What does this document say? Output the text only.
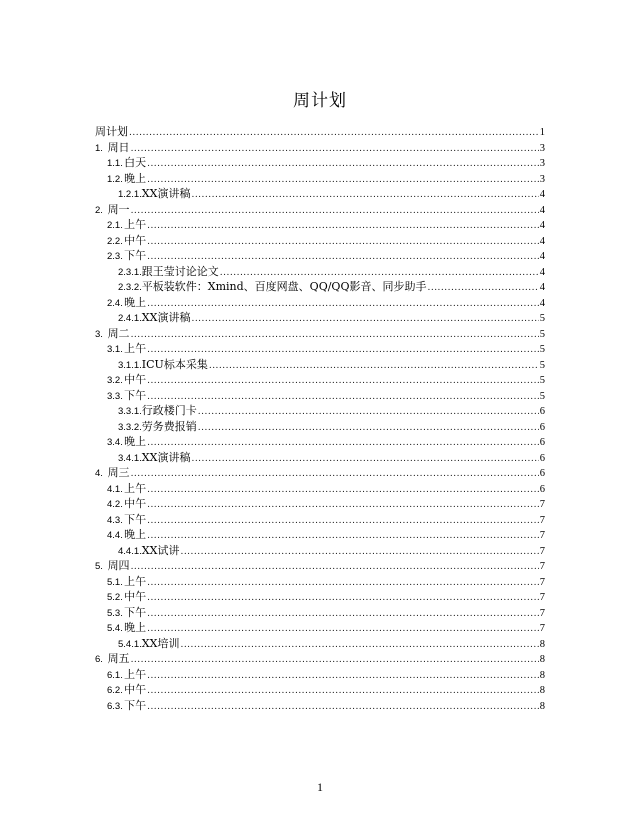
周计划
周计划 .....	1
1. 周日 .....	3
1.1. 白天 .....	3
1.2. 晚上 .....	3
1.2.1. XX演讲稿 .....	4
2. 周一 .....	4
2.1. 上午 .....	4
2.2. 中午 .....	4
2.3. 下午 .....	4
2.3.1. 跟王莹讨论论文 .....	4
2.3.2. 平板装软件：Xmind、百度网盘、QQ/QQ影音、同步助手 .....	4
2.4. 晚上 .....	4
2.4.1. XX演讲稿 .....	5
3. 周二 .....	5
3.1. 上午 .....	5
3.1.1. ICU标本采集 .....	5
3.2. 中午 .....	5
3.3. 下午 .....	5
3.3.1. 行政楼门卡 .....	6
3.3.2. 劳务费报销 .....	6
3.4. 晚上 .....	6
3.4.1. XX演讲稿 .....	6
4. 周三 .....	6
4.1. 上午 .....	6
4.2. 中午 .....	7
4.3. 下午 .....	7
4.4. 晚上 .....	7
4.4.1. XX试讲 .....	7
5. 周四 .....	7
5.1. 上午 .....	7
5.2. 中午 .....	7
5.3. 下午 .....	7
5.4. 晚上 .....	7
5.4.1. XX培训 .....	8
6. 周五 .....	8
6.1. 上午 .....	8
6.2. 中午 .....	8
6.3. 下午 .....	8
1
